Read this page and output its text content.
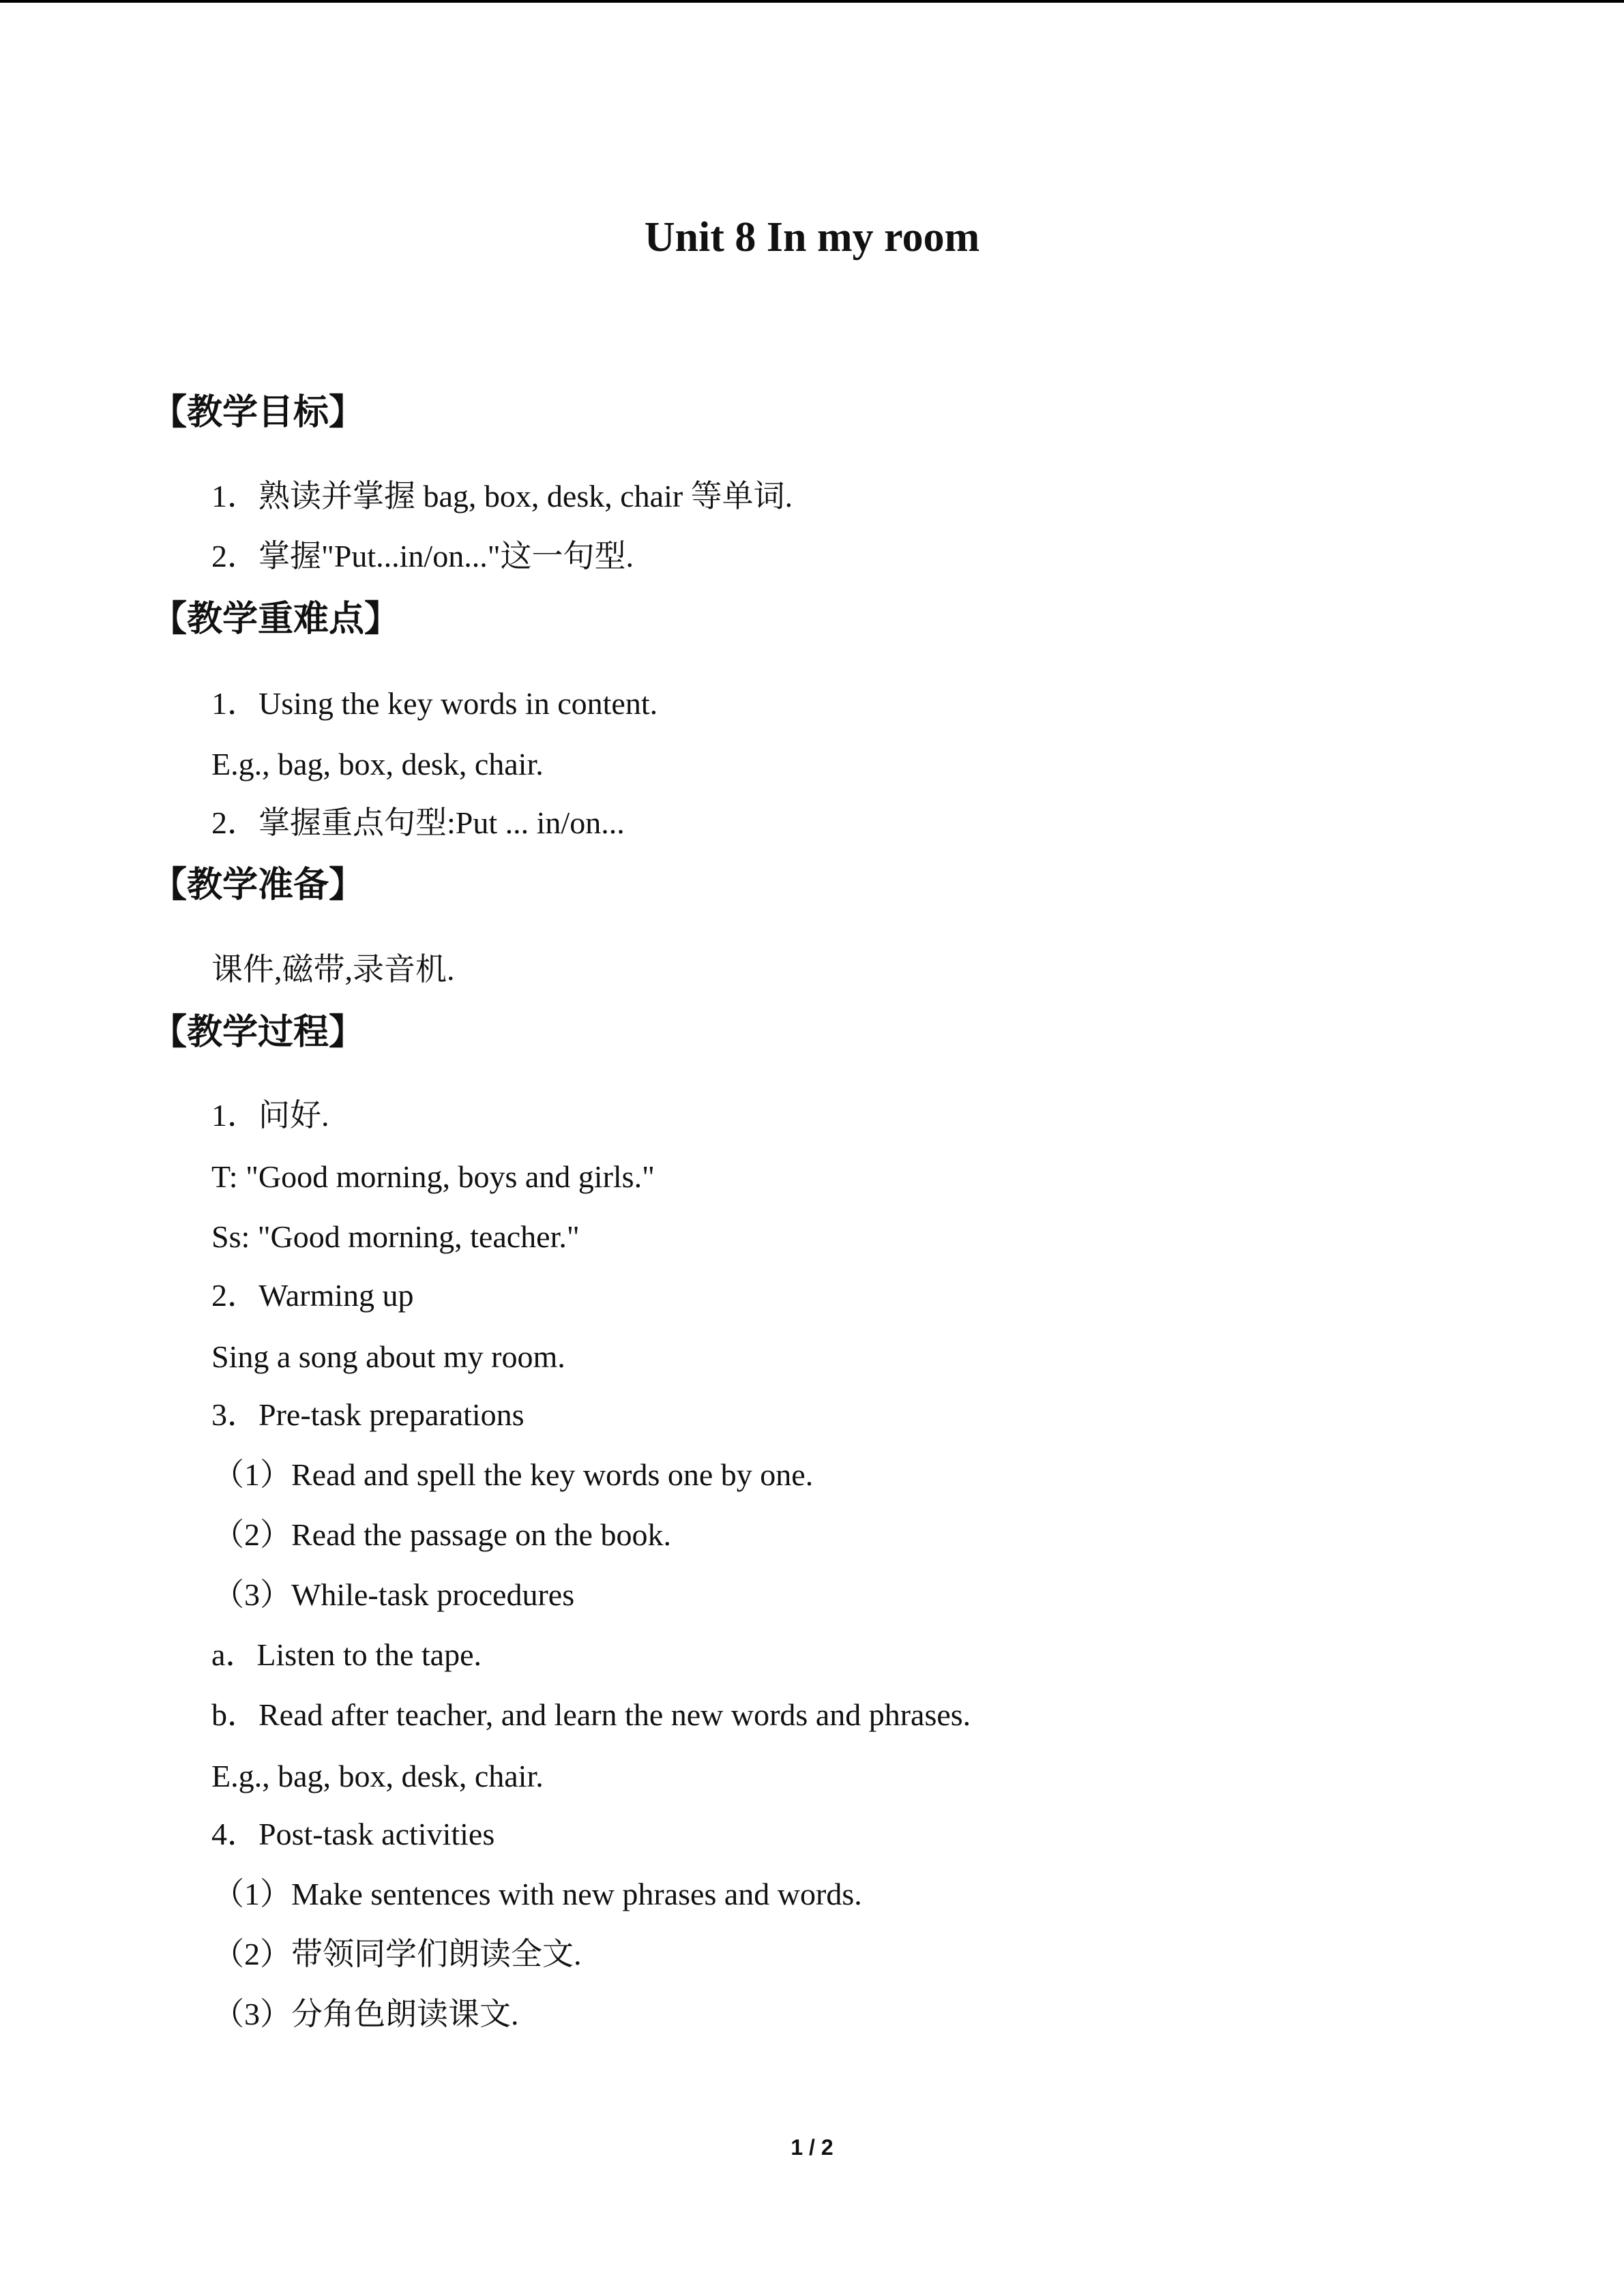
Unit 8 In my room
【教学目标】
1．熟读并掌握 bag, box, desk, chair 等单词.
2．掌握"Put...in/on..."这一句型.
【教学重难点】
1．Using the key words in content.
E.g., bag, box, desk, chair.
2．掌握重点句型:Put ... in/on...
【教学准备】
课件,磁带,录音机.
【教学过程】
1．问好.
T: "Good morning, boys and girls."
Ss: "Good morning, teacher."
2．Warming up
Sing a song about my room.
3．Pre-task preparations
（1）Read and spell the key words one by one.
（2）Read the passage on the book.
（3）While-task procedures
a．Listen to the tape.
b．Read after teacher, and learn the new words and phrases.
E.g., bag, box, desk, chair.
4．Post-task activities
（1）Make sentences with new phrases and words.
（2）带领同学们朗读全文.
（3）分角色朗读课文.
1 / 2
